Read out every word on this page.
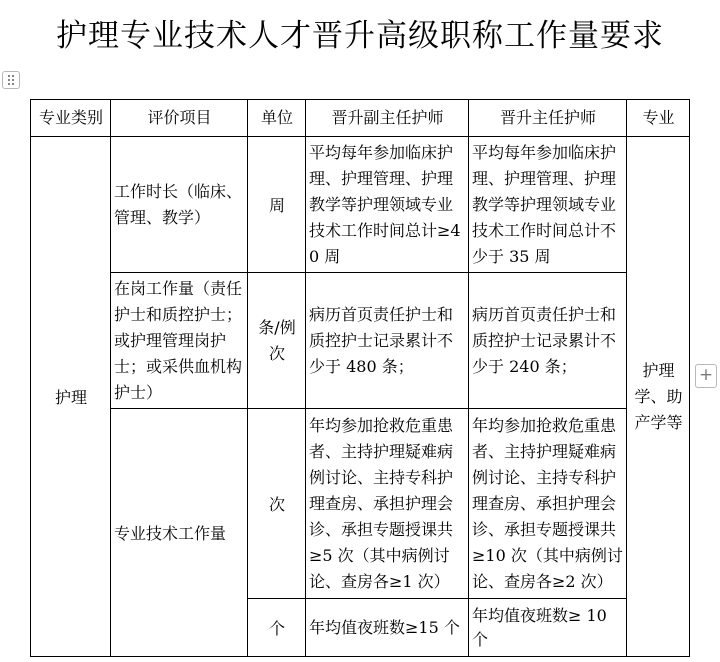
护理专业技术人才晋升高级职称工作量要求
+
专业类别	评价项目	单位	晋升副主任护师	晋升主任护师	专业
护理	工作时长（临床、管理、教学）	周	平均每年参加临床护理、护理管理、护理教学等护理领域专业技术工作时间总计≥40 周	平均每年参加临床护理、护理管理、护理教学等护理领域专业技术工作时间总计不少于 35 周	护理学、助产学等
	在岗工作量（责任护士和质控护士；或护理管理岗护士；或采供血机构护士）	条/例次	病历首页责任护士和质控护士记录累计不少于 480 条；	病历首页责任护士和质控护士记录累计不少于 240 条；	
	专业技术工作量	次	年均参加抢救危重患者、主持护理疑难病例讨论、主持专科护理查房、承担护理会诊、承担专题授课共≥5 次（其中病例讨论、查房各≥1 次）	年均参加抢救危重患者、主持护理疑难病例讨论、主持专科护理查房、承担护理会诊、承担专题授课共≥10 次（其中病例讨论、查房各≥2 次）	
		个	年均值夜班数≥15 个	年均值夜班数≥ 10 个	
